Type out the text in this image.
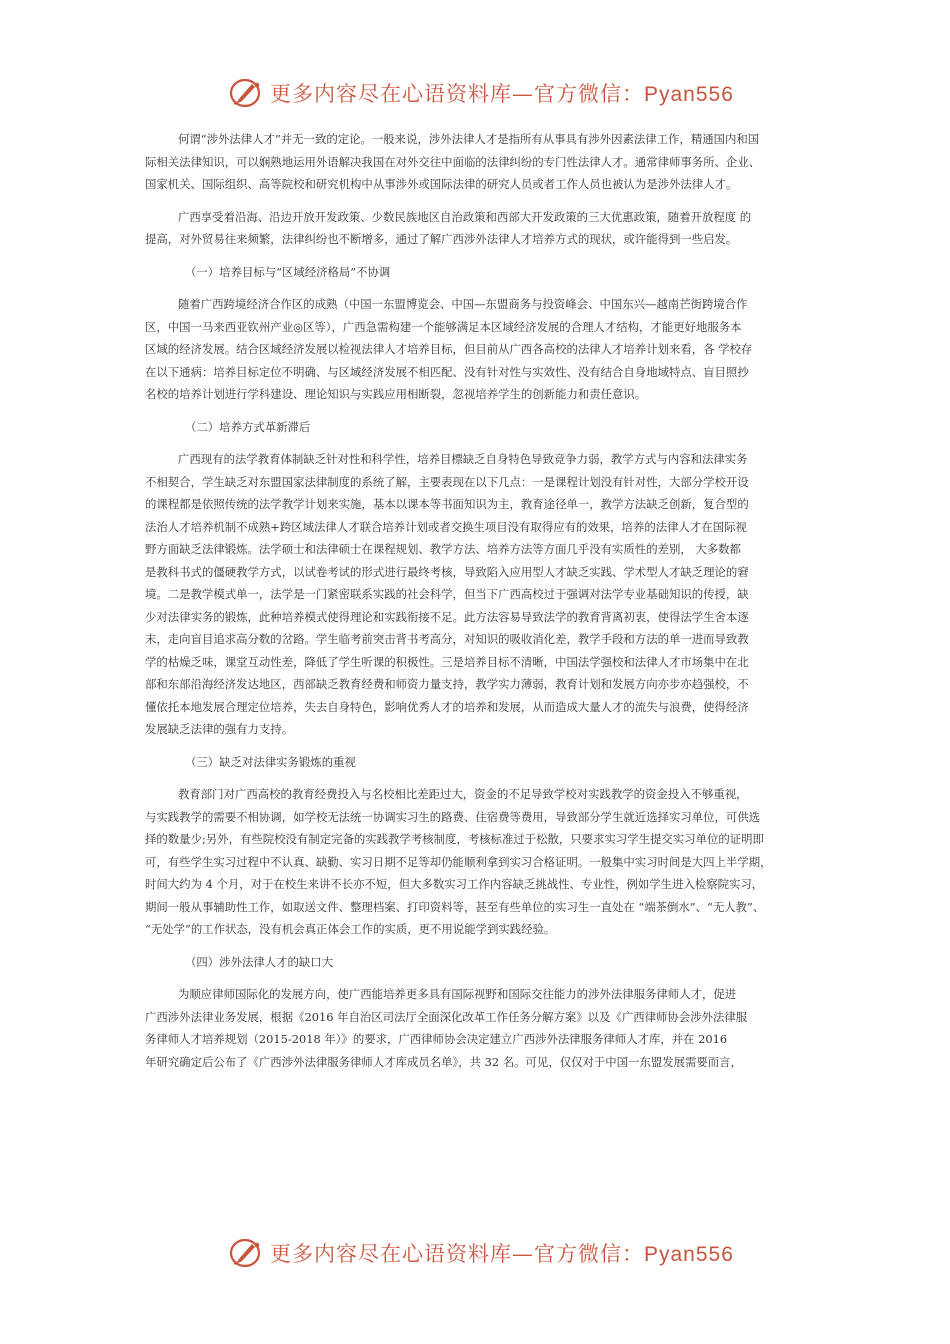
更多内容尽在心语资料库—官方微信：Pyan556

何谓“涉外法律人才”并无一致的定论。一般来说，涉外法律人才是指所有从事具有涉外因素法律工作，精通国内和国
际相关法律知识，可以娴熟地运用外语解决我国在对外交往中面临的法律纠纷的专门性法律人才。通常律师事务所、企业、
国家机关、国际组织、高等院校和研究机构中从事涉外或国际法律的研究人员或者工作人员也被认为是涉外法律人才。

广西享受着沿海、沿边开放开发政策、少数民族地区自治政策和西部大开发政策的三大优惠政策，随着开放程度 的
提高，对外贸易往来频繁，法律纠纷也不断增多，通过了解广西涉外法律人才培养方式的现状，或许能得到一些启发。

（一）培养目标与“区域经济格局”不协调

随着广西跨境经济合作区的成熟（中国一东盟博览会、中国—东盟商务与投资峰会、中国东兴—越南芒街跨境合作
区，中国一马来西亚钦州产业◎区等），广西急需构建一个能够满足本区域经济发展的合理人才结构，才能更好地服务本
区域的经济发展。结合区域经济发展以检视法律人才培养目标，但目前从广西各高校的法律人才培养计划来看，各 学校存
在以下通病：培养目标定位不明确、与区域经济发展不相匹配、没有针对性与实效性、没有结合自身地域特点、盲目照抄
名校的培养计划进行学科建设、理论知识与实践应用相断裂，忽视培养学生的创新能力和责任意识。

（二）培养方式革新滞后

广西现有的法学教育体制缺乏针对性和科学性，培养目標缺乏自身特色导致竞争力弱，教学方式与内容和法律实务
不相契合，学生缺乏对东盟国家法律制度的系统了解，主要表现在以下几点：一是课程计划没有针对性，大部分学校开设
的课程都是依照传统的法学教学计划来实施，基本以课本等书面知识为主，教育途径单一，教学方法缺乏创新，复合型的
法治人才培养机制不成熟+跨区域法律人才联合培养计划或者交换生项目没有取得应有的效果，培养的法律人才在国际视
野方面缺乏法律锻炼。法学硕士和法律硕士在课程规划、教学方法、培养方法等方面几乎没有实质性的差别， 大多数都
是教科书式的僵硬教学方式，以试卷考试的形式进行最终考核，导致陷入应用型人才缺乏实践、学术型人才缺乏理论的窘
境。二是教学模式单一，法学是一门紧密联系实践的社会科学，但当下广西高校过于强调对法学专业基础知识的传授，缺
少对法律实务的锻炼，此种培养模式使得理论和实践衔接不足。此方法容易导致法学的教育背离初衷，使得法学生舍本逐
末，走向盲目追求高分数的岔路。学生临考前突击背书考高分，对知识的吸收消化差，教学手段和方法的单一进而导致教
学的枯燥乏味，课堂互动性差，降低了学生听课的积极性。三是培养目标不清晰，中国法学强校和法律人才市场集中在北
部和东部沿海经济发达地区，西部缺乏教育经费和师资力量支持，教学实力薄弱，教育计划和发展方向亦步亦趋强校，不
懂依托本地发展合理定位培养，失去自身特色，影响优秀人才的培养和发展，从而造成大量人才的流失与浪费，使得经济
发展缺乏法律的强有力支持。

（三）缺乏对法律实务锻炼的重视

教育部门对广西高校的教育经费投入与名校相比差距过大，资金的不足导致学校对实践教学的资金投入不够重视，
与实践教学的需要不相协调，如学校无法统一协调实习生的路费、住宿费等费用，导致部分学生就近选择实习单位，可供选
择的数量少;另外，有些院校没有制定完备的实践教学考核制度，考核标准过于松散，只要求实习学生提交实习单位的证明即
可，有些学生实习过程中不认真、缺勤、实习日期不足等却仍能顺利拿到实习合格证明。一般集中实习时间是大四上半学期，
时间大约为 4 个月，对于在校生来讲不长亦不短，但大多数实习工作内容缺乏挑战性、专业性，例如学生进入检察院实习，
期间一般从事辅助性工作，如取送文件、整理档案、打印资料等，甚至有些单位的实习生一直处在 “端茶倒水”、“无人教”、
“无处学”的工作状态，没有机会真正体会工作的实质，更不用说能学到实践经验。

（四）涉外法律人才的缺口大

为顺应律师国际化的发展方向，使广西能培养更多具有国际视野和国际交往能力的涉外法律服务律师人才，促进
广西涉外法律业务发展，根据《2016 年自治区司法厅全面深化改革工作任务分解方案》以及《广西律师协会涉外法律服
务律师人才培养规划（2015-2018 年）》的要求，广西律师协会决定建立广西涉外法律服务律师人才库，并在 2016
年研究确定后公布了《广西涉外法律服务律师人才库成员名单》，共 32 名。可见，仅仅对于中国一东盟发展需要而言，

更多内容尽在心语资料库—官方微信：Pyan556
